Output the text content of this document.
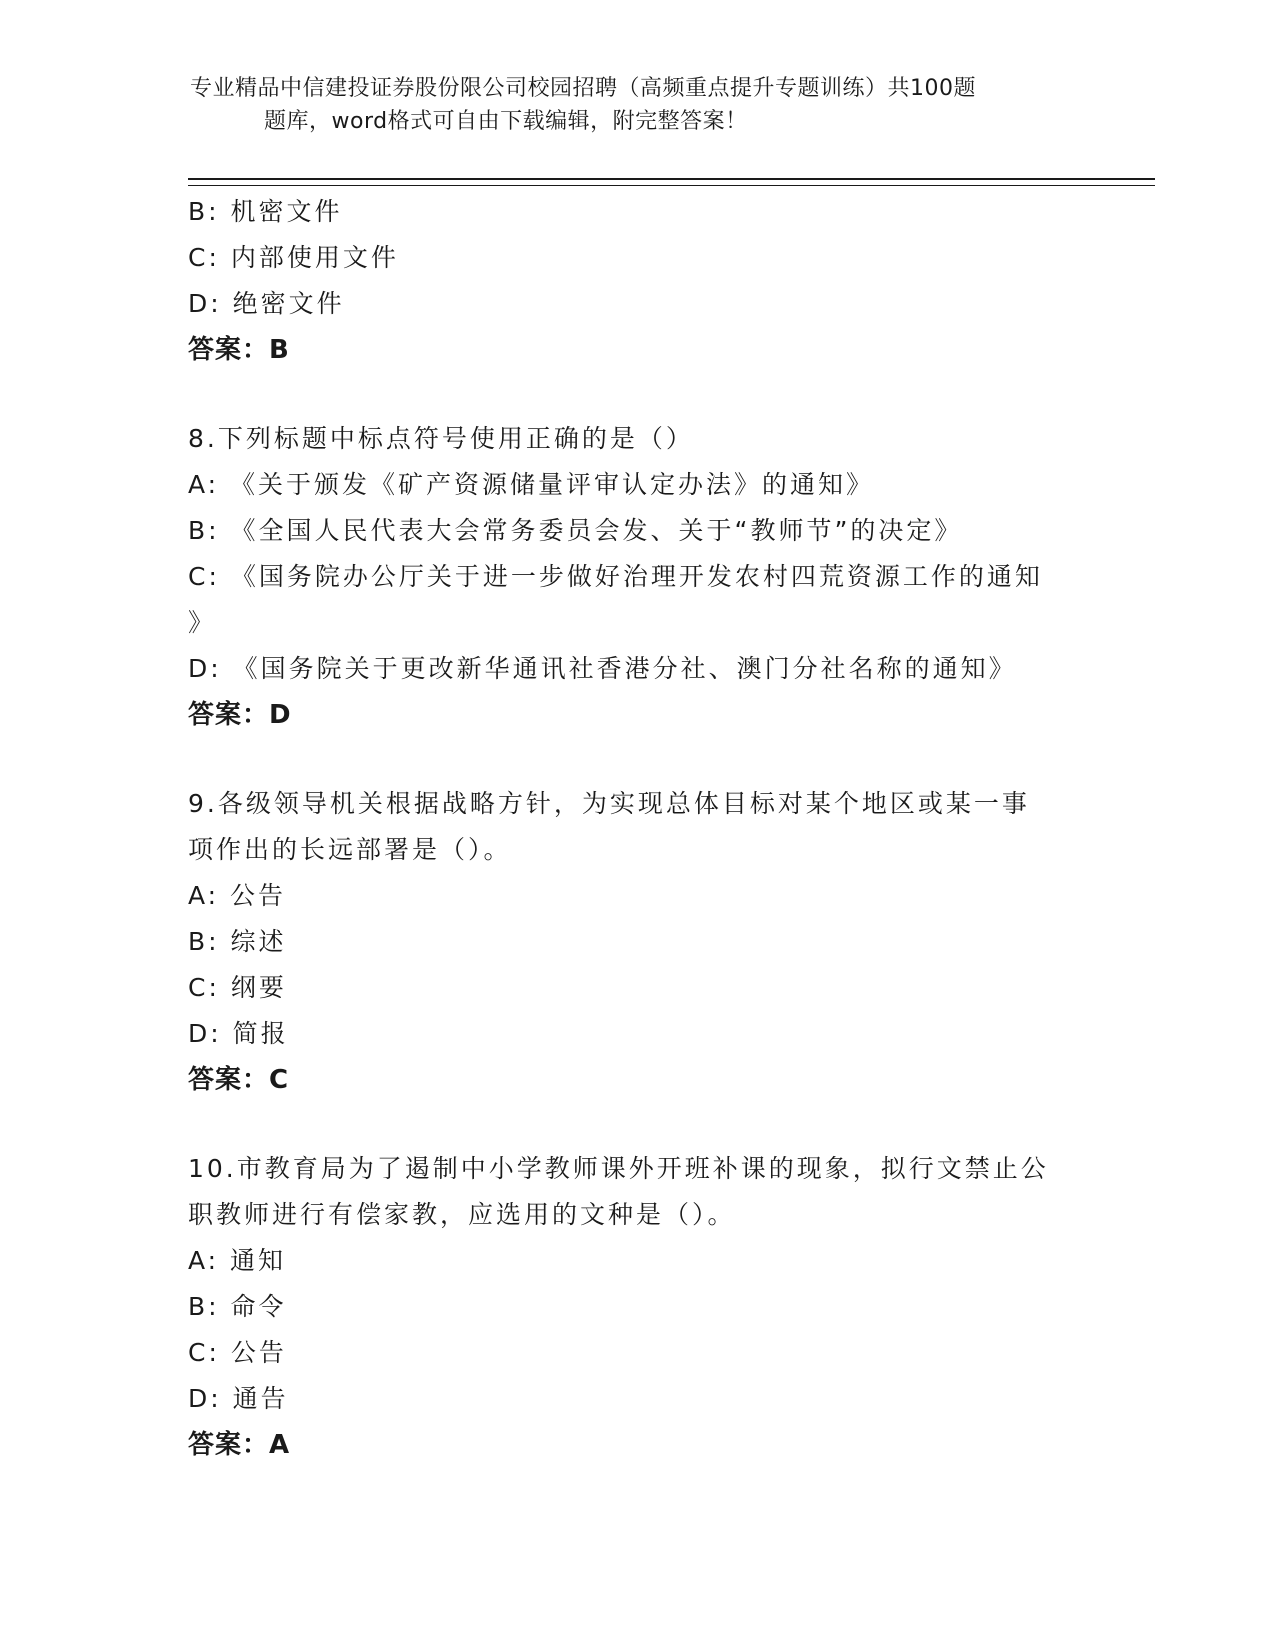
专业精品中信建投证券股份限公司校园招聘（高频重点提升专题训练）共100题
题库，word格式可自由下载编辑，附完整答案！
B: 机密文件
C: 内部使用文件
D: 绝密文件
答案：B
8.下列标题中标点符号使用正确的是（）
A: 《关于颁发《矿产资源储量评审认定办法》的通知》
B: 《全国人民代表大会常务委员会发、关于“教师节”的决定》
C: 《国务院办公厅关于进一步做好治理开发农村四荒资源工作的通知
》
D: 《国务院关于更改新华通讯社香港分社、澳门分社名称的通知》
答案：D
9.各级领导机关根据战略方针，为实现总体目标对某个地区或某一事
项作出的长远部署是（）。
A: 公告
B: 综述
C: 纲要
D: 简报
答案：C
10.市教育局为了遏制中小学教师课外开班补课的现象，拟行文禁止公
职教师进行有偿家教，应选用的文种是（）。
A: 通知
B: 命令
C: 公告
D: 通告
答案：A
